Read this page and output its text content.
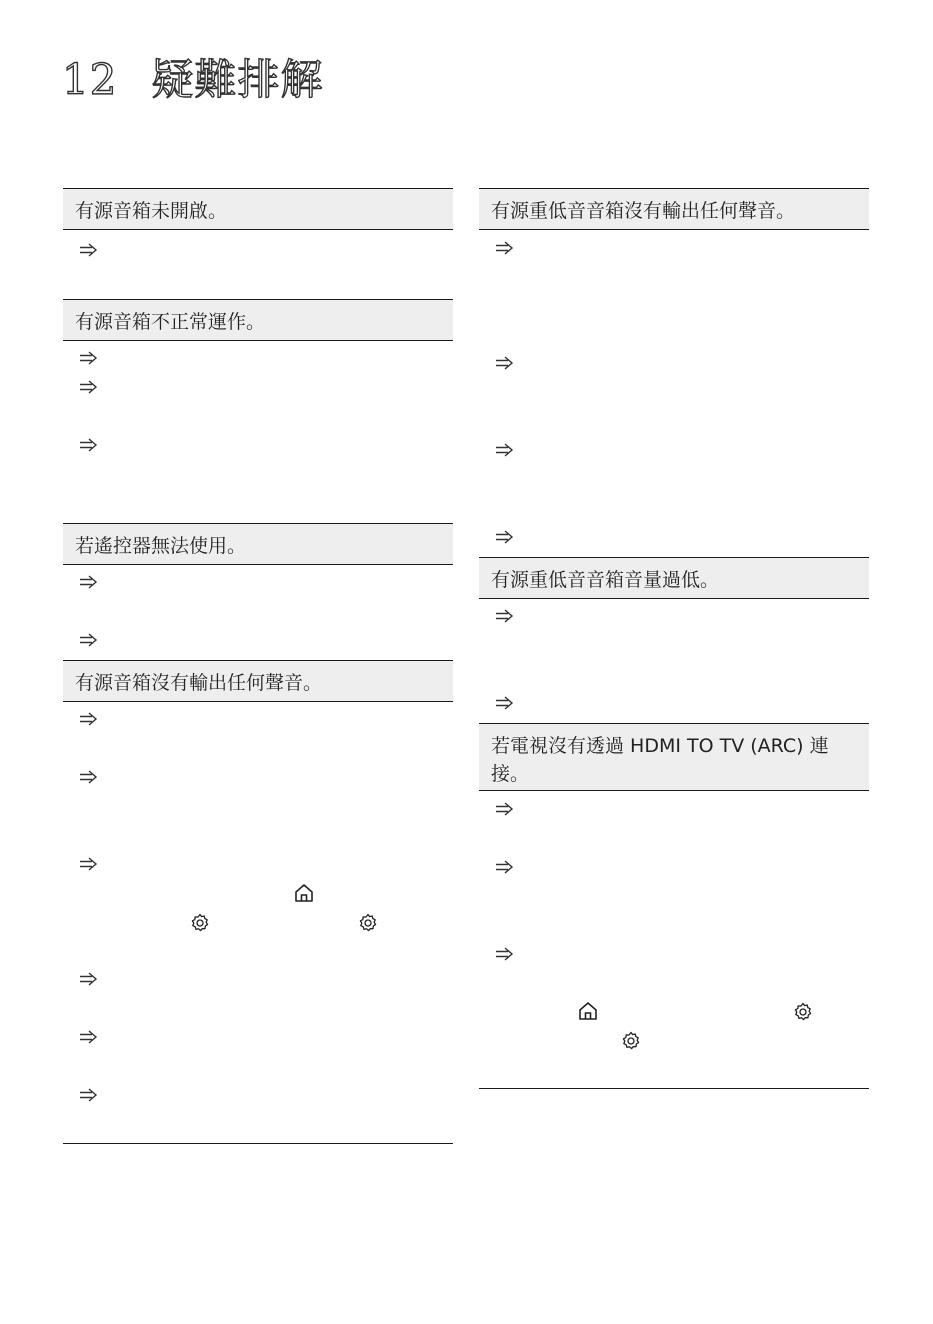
12 疑難排解
有源音箱未開啟。
有源音箱不正常運作。
若遙控器無法使用。
有源音箱沒有輸出任何聲音。
有源重低音音箱沒有輸出任何聲音。
有源重低音音箱音量過低。
若電視沒有透過 HDMI TO TV (ARC) 連接。
